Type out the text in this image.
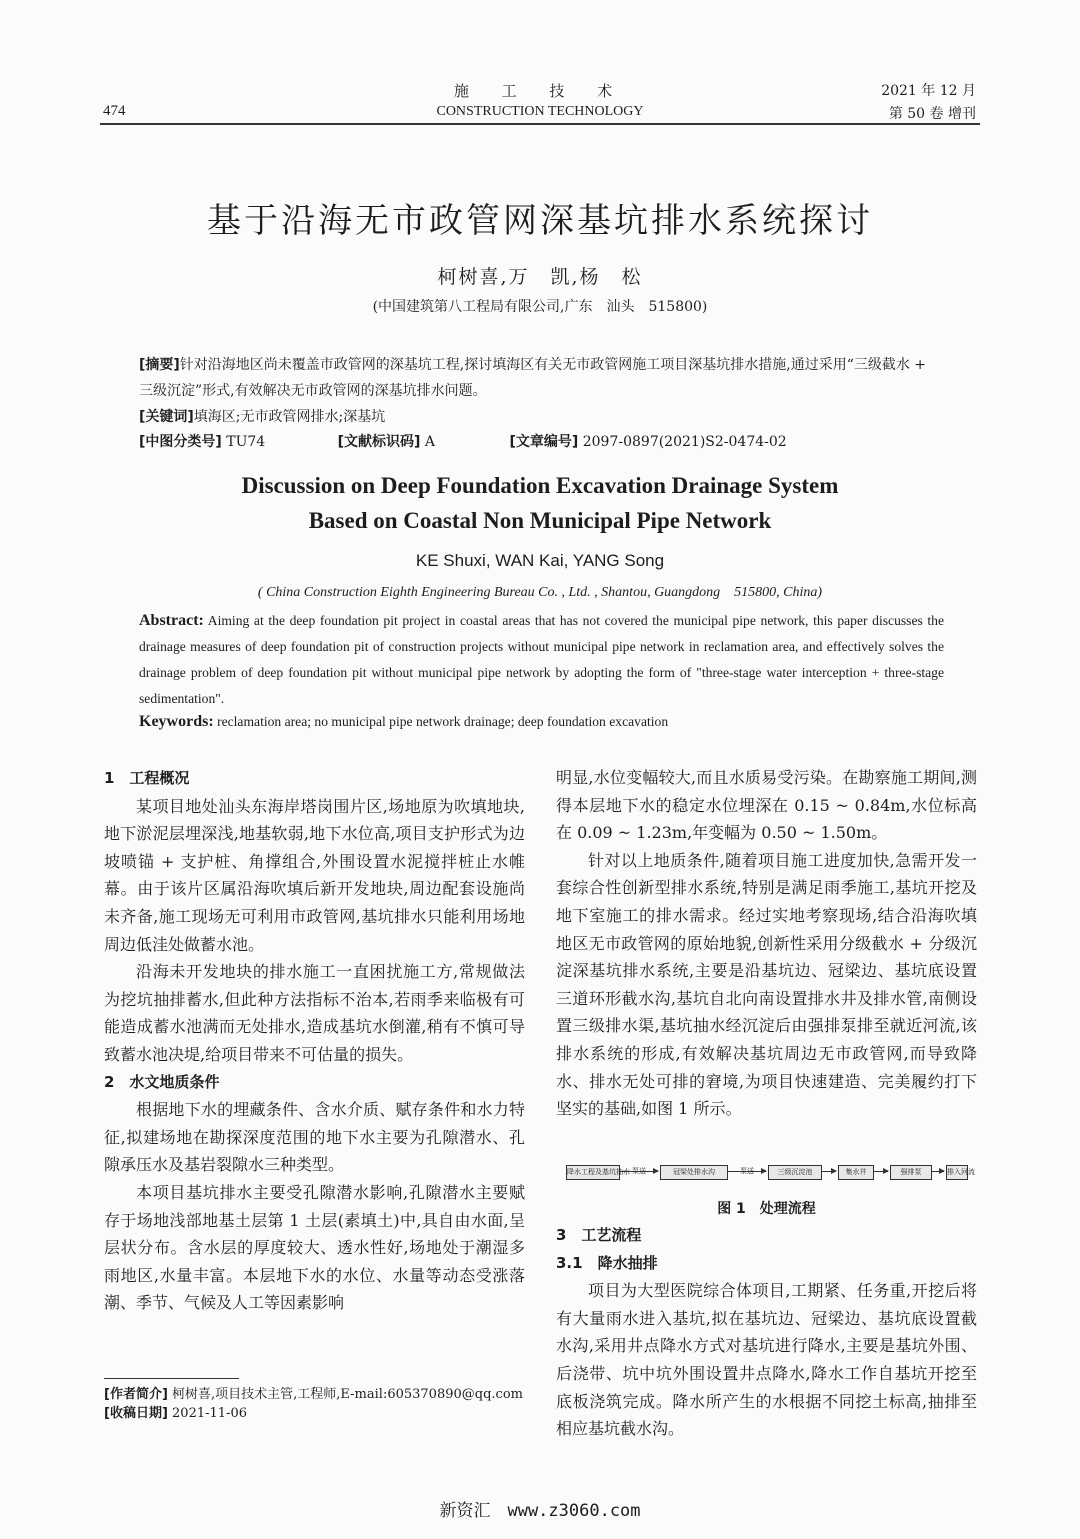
474
施 工 技 术
CONSTRUCTION TECHNOLOGY
2021 年 12 月
第 50 卷 增刊
基于沿海无市政管网深基坑排水系统探讨
柯树喜,万　凯,杨　松
(中国建筑第八工程局有限公司,广东　汕头　515800)

[摘要]针对沿海地区尚未覆盖市政管网的深基坑工程,探讨填海区有关无市政管网施工项目深基坑排水措施,通过采用“三级截水 + 三级沉淀”形式,有效解决无市政管网的深基坑排水问题。

[关键词]填海区;无市政管网排水;深基坑

[中图分类号] TU74	[文献标识码] A	[文章编号] 2097-0897(2021)S2-0474-02
Discussion on Deep Foundation Excavation Drainage System
Based on Coastal Non Municipal Pipe Network
KE Shuxi, WAN Kai, YANG Song
( China Construction Eighth Engineering Bureau Co. , Ltd. , Shantou, Guangdong　515800, China)
Abstract: Aiming at the deep foundation pit project in coastal areas that has not covered the municipal pipe network, this paper discusses the drainage measures of deep foundation pit of construction projects without municipal pipe network in reclamation area, and effectively solves the drainage problem of deep foundation pit without municipal pipe network by adopting the form of "three-stage water interception + three-stage sedimentation".
Keywords: reclamation area; no municipal pipe network drainage; deep foundation excavation

1　工程概况

某项目地处汕头东海岸塔岗围片区,场地原为吹填地块,地下淤泥层埋深浅,地基软弱,地下水位高,项目支护形式为边坡喷锚 + 支护桩、角撑组合,外围设置水泥搅拌桩止水帷幕。由于该片区属沿海吹填后新开发地块,周边配套设施尚未齐备,施工现场无可利用市政管网,基坑排水只能利用场地周边低洼处做蓄水池。

沿海未开发地块的排水施工一直困扰施工方,常规做法为挖坑抽排蓄水,但此种方法指标不治本,若雨季来临极有可能造成蓄水池满而无处排水,造成基坑水倒灌,稍有不慎可导致蓄水池决堤,给项目带来不可估量的损失。

2　水文地质条件

根据地下水的埋藏条件、含水介质、赋存条件和水力特征,拟建场地在勘探深度范围的地下水主要为孔隙潜水、孔隙承压水及基岩裂隙水三种类型。

本项目基坑排水主要受孔隙潜水影响,孔隙潜水主要赋存于场地浅部地基土层第 1 土层(素填土)中,具自由水面,呈层状分布。含水层的厚度较大、透水性好,场地处于潮湿多雨地区,水量丰富。本层地下水的水位、水量等动态受涨落潮、季节、气候及人工等因素影响

明显,水位变幅较大,而且水质易受污染。在勘察施工期间,测得本层地下水的稳定水位埋深在 0.15 ~ 0.84m,水位标高在 0.09 ~ 1.23m,年变幅为 0.50 ~ 1.50m。

针对以上地质条件,随着项目施工进度加快,急需开发一套综合性创新型排水系统,特别是满足雨季施工,基坑开挖及地下室施工的排水需求。经过实地考察现场,结合沿海吹填地区无市政管网的原始地貌,创新性采用分级截水 + 分级沉淀深基坑排水系统,主要是沿基坑边、冠梁边、基坑底设置三道环形截水沟,基坑自北向南设置排水井及排水管,南侧设置三级排水渠,基坑抽水经沉淀后由强排泵排至就近河流,该排水系统的形成,有效解决基坑周边无市政管网,而导致降水、排水无处可排的窘境,为项目快速建造、完美履约打下坚实的基础,如图 1 所示。

降水工程及基坑抽水 泵送	冠梁处排水沟	泵送	三级沉淀池	集水井	强排泵	排入河流
图 1　处理流程

3　工艺流程

3.1　降水抽排

项目为大型医院综合体项目,工期紧、任务重,开挖后将有大量雨水进入基坑,拟在基坑边、冠梁边、基坑底设置截水沟,采用井点降水方式对基坑进行降水,主要是基坑外围、后浇带、坑中坑外围设置井点降水,降水工作自基坑开挖至底板浇筑完成。降水所产生的水根据不同挖土标高,抽排至相应基坑截水沟。

[作者简介] 柯树喜,项目技术主管,工程师,E-mail:605370890@qq.com

[收稿日期] 2021-11-06

新资汇　www.z3060.com
